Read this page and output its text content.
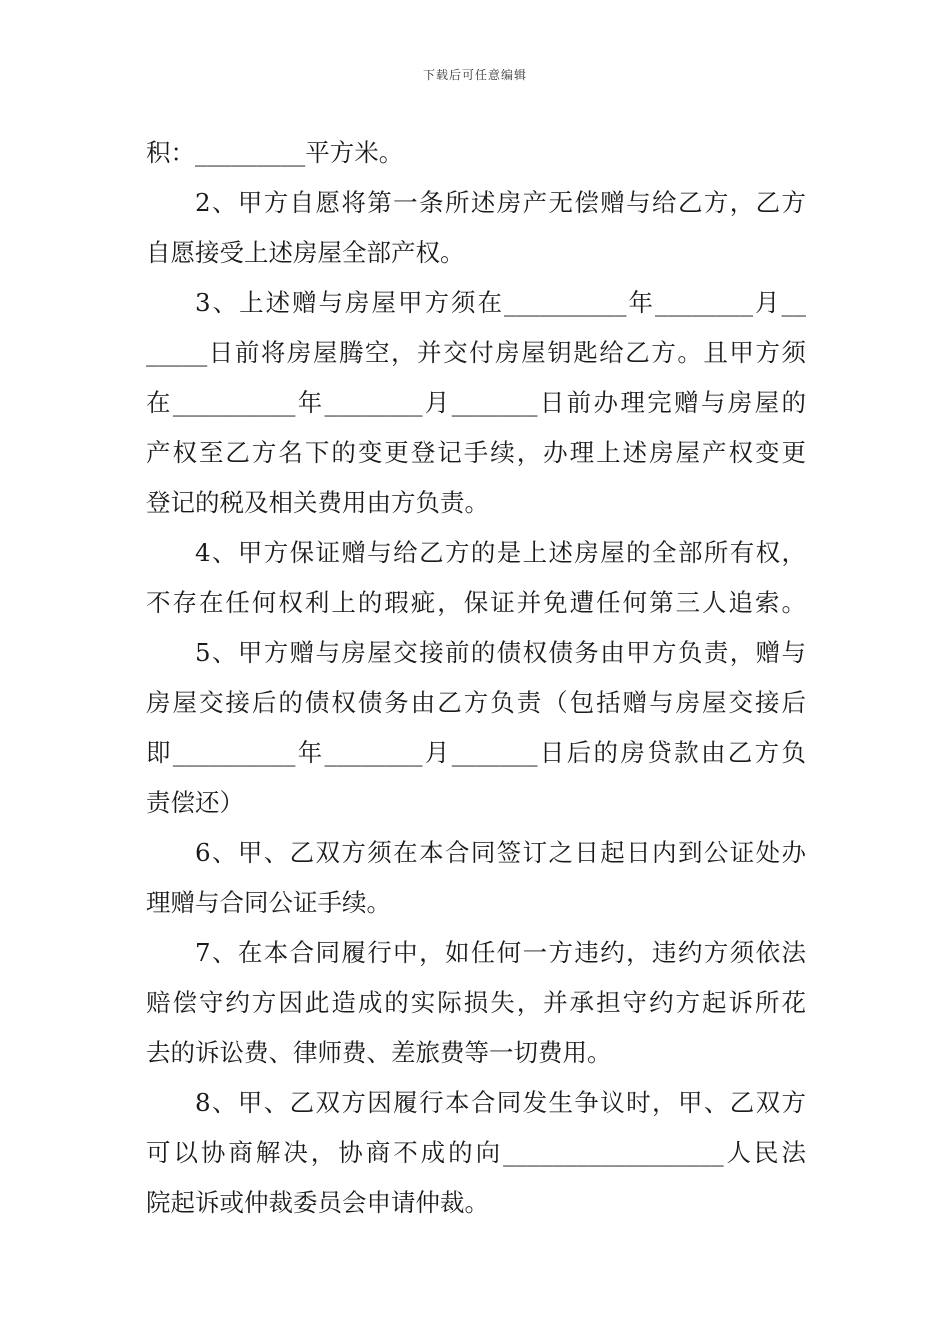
下载后可任意编辑
积：_________平方米。
2、甲方自愿将第一条所述房产无偿赠与给乙方，乙方
自愿接受上述房屋全部产权。
3、上述赠与房屋甲方须在__________年________月__
_____日前将房屋腾空，并交付房屋钥匙给乙方。且甲方须
在__________年________月_______日前办理完赠与房屋的
产权至乙方名下的变更登记手续，办理上述房屋产权变更
登记的税及相关费用由方负责。
4、甲方保证赠与给乙方的是上述房屋的全部所有权，
不存在任何权利上的瑕疵，保证并免遭任何第三人追索。
5、甲方赠与房屋交接前的债权债务由甲方负责，赠与
房屋交接后的债权债务由乙方负责（包括赠与房屋交接后
即__________年________月_______日后的房贷款由乙方负
责偿还）
6、甲、乙双方须在本合同签订之日起日内到公证处办
理赠与合同公证手续。
7、在本合同履行中，如任何一方违约，违约方须依法
赔偿守约方因此造成的实际损失，并承担守约方起诉所花
去的诉讼费、律师费、差旅费等一切费用。
8、甲、乙双方因履行本合同发生争议时，甲、乙双方
可以协商解决，协商不成的向__________________人民法
院起诉或仲裁委员会申请仲裁。
